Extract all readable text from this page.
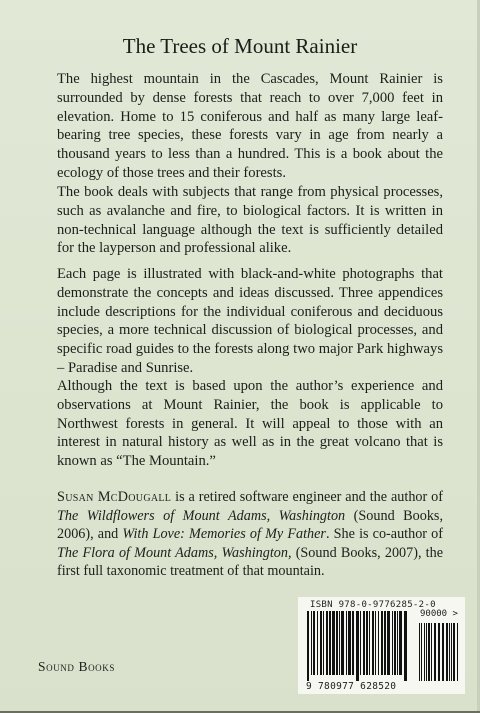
The Trees of Mount Rainier

The highest mountain in the Cascades, Mount Rainier is surrounded by dense forests that reach to over 7,000 feet in elevation. Home to 15 coniferous and half as many large leaf-bearing tree species, these forests vary in age from nearly a thousand years to less than a hundred. This is a book about the ecology of those trees and their forests.

The book deals with subjects that range from physical processes, such as avalanche and fire, to biological factors. It is written in non-technical language although the text is sufficiently detailed for the layperson and professional alike.

Each page is illustrated with black-and-white photographs that demonstrate the concepts and ideas discussed. Three appendices include descriptions for the individual coniferous and deciduous species, a more technical discussion of biological processes, and specific road guides to the forests along two major Park highways – Paradise and Sunrise.

Although the text is based upon the author’s experience and observations at Mount Rainier, the book is applicable to Northwest forests in general. It will appeal to those with an interest in natural history as well as in the great volcano that is known as “The Mountain.”

Susan McDougall is a retired software engineer and the author of The Wildflowers of Mount Adams, Washington (Sound Books, 2006), and With Love: Memories of My Father. She is co-author of The Flora of Mount Adams, Washington, (Sound Books, 2007), the first full taxonomic treatment of that mountain.

Sound Books
ISBN 978-0-9776285-2-0
90000 >
9 780977 628520
